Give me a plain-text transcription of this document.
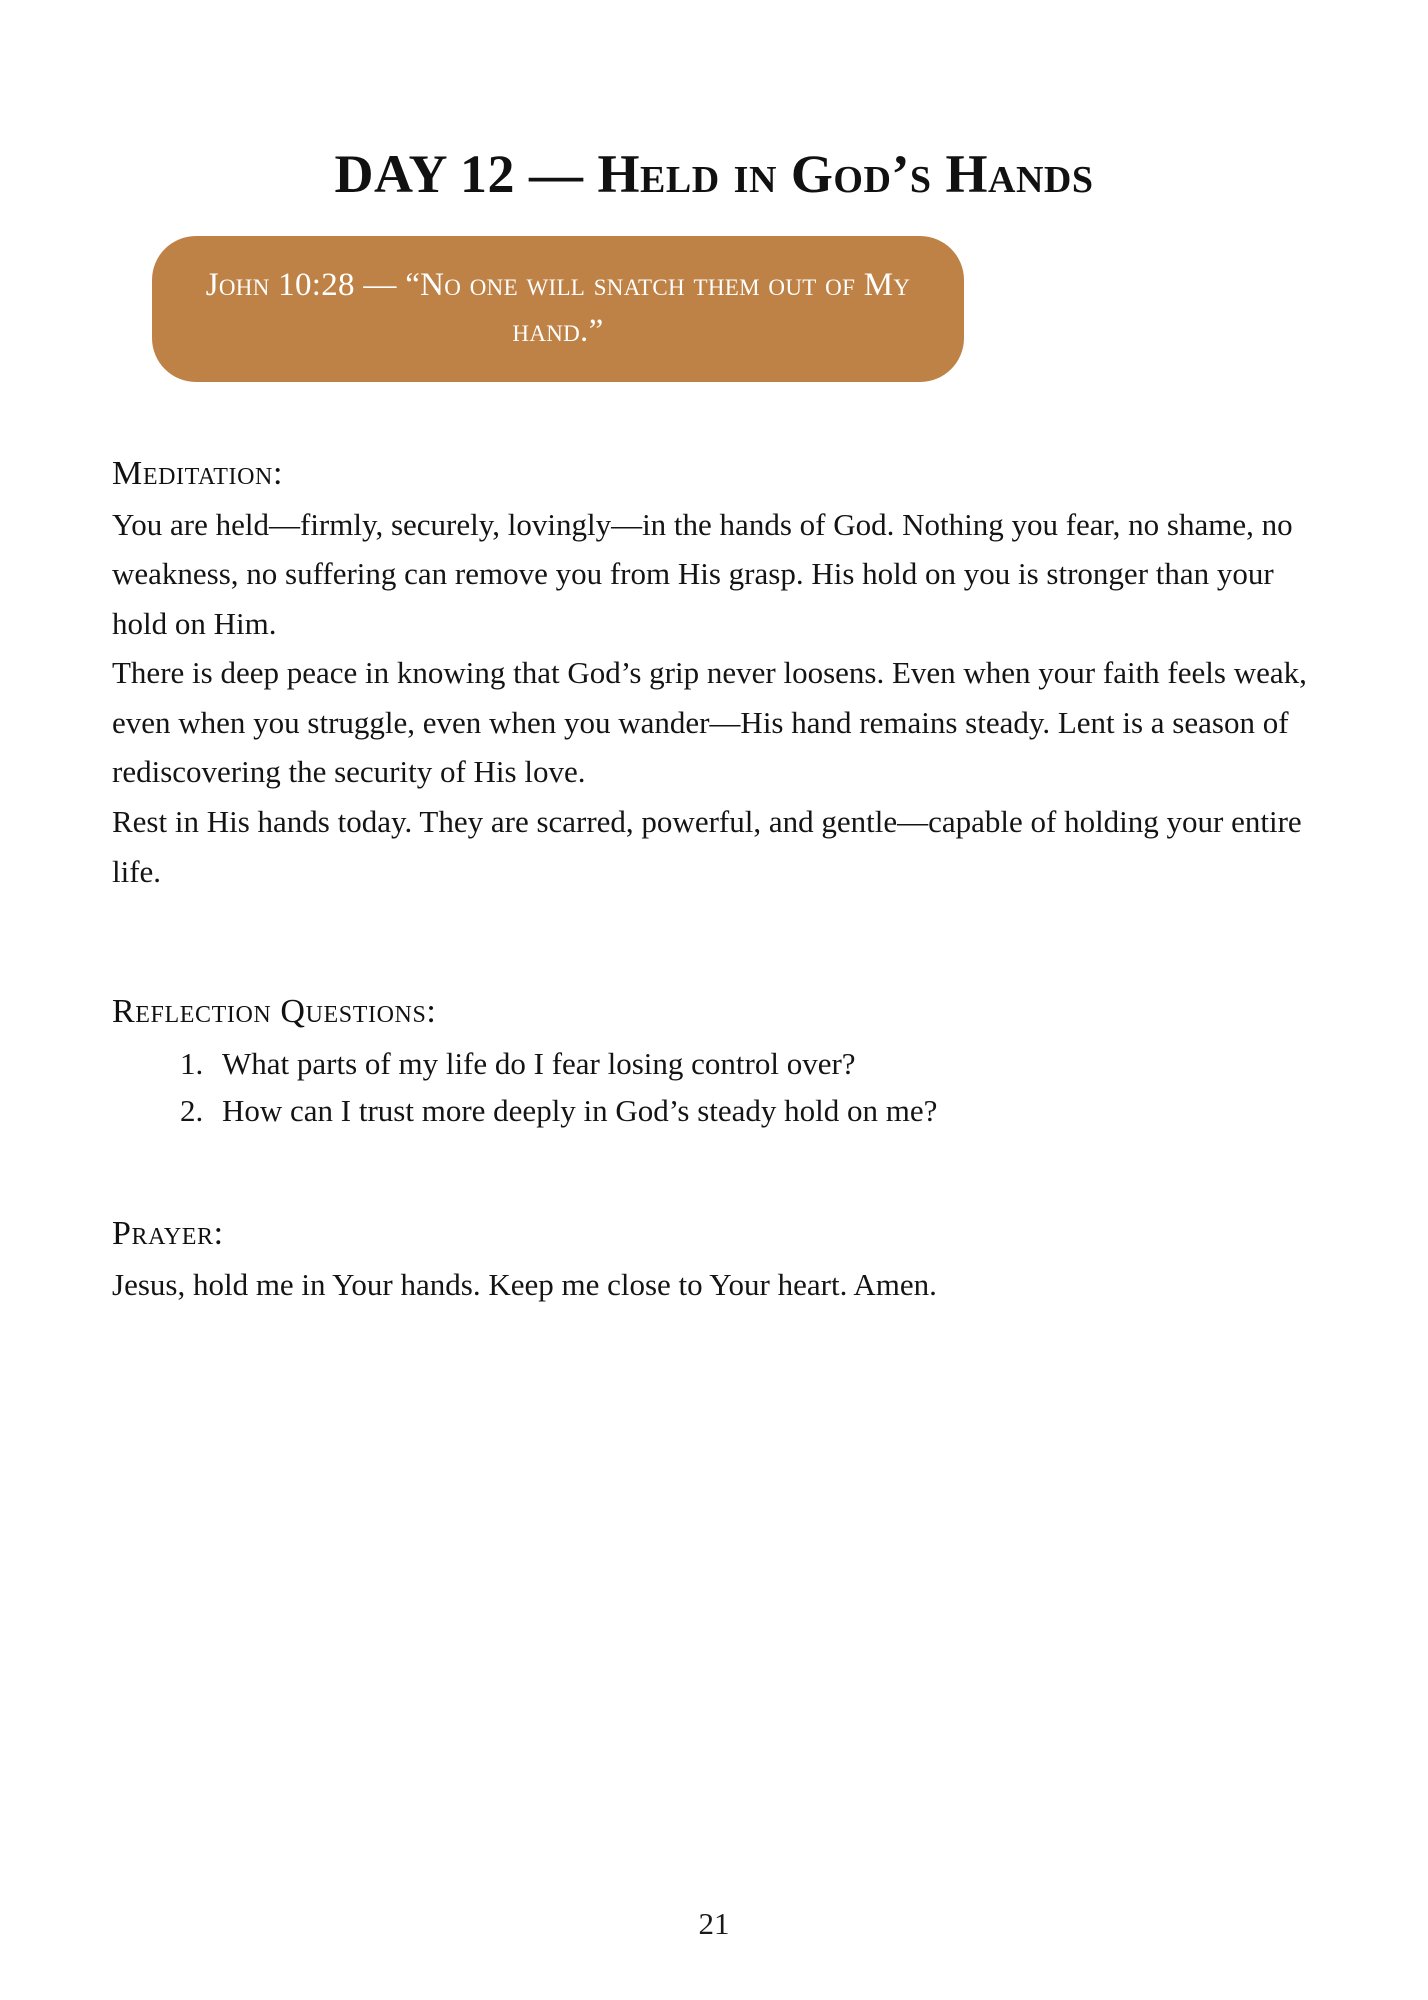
DAY 12 — Held in God’s Hands
John 10:28 — “No one will snatch them out of My hand.”
Meditation:

You are held—firmly, securely, lovingly—in the hands of God. Nothing you fear, no shame, no weakness, no suffering can remove you from His grasp. His hold on you is stronger than your hold on Him.

There is deep peace in knowing that God’s grip never loosens. Even when your faith feels weak, even when you struggle, even when you wander—His hand remains steady. Lent is a season of rediscovering the security of His love.

Rest in His hands today. They are scarred, powerful, and gentle—capable of holding your entire life.

Reflection Questions:
What parts of my life do I fear losing control over?
How can I trust more deeply in God’s steady hold on me?
Prayer:

Jesus, hold me in Your hands. Keep me close to Your heart. Amen.

21
